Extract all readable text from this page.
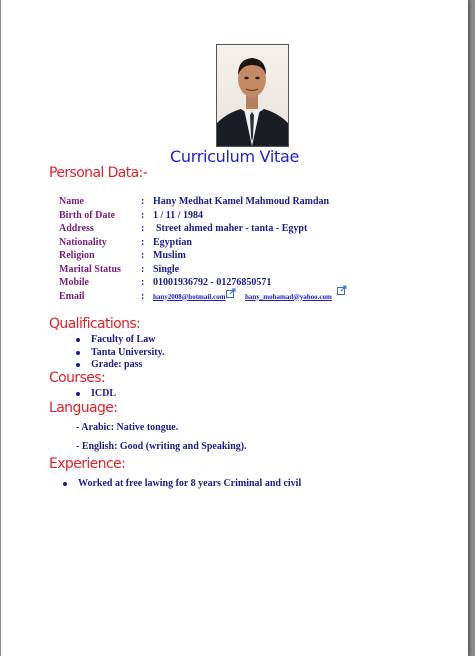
Curriculum Vitae
Personal Data:-
Name	: Hany Medhat Kamel Mahmoud Ramdan
Birth of Date	: 1 / 11 / 1984
Address	: Street ahmed maher - tanta - Egypt
Nationality	: Egyptian
Religion	: Muslim
Marital Status : Single
Mobile	: 01001936792 - 01276850571
Email	: hany2008@hotmail.com	hany_mohamad@yahoo.com
Qualifications:
Faculty of Law
Tanta University.
Grade: pass
Courses:
ICDL
Language:
- Arabic: Native tongue.
- English: Good (writing and Speaking).
Experience:
Worked at free lawing for 8 years Criminal and civil
